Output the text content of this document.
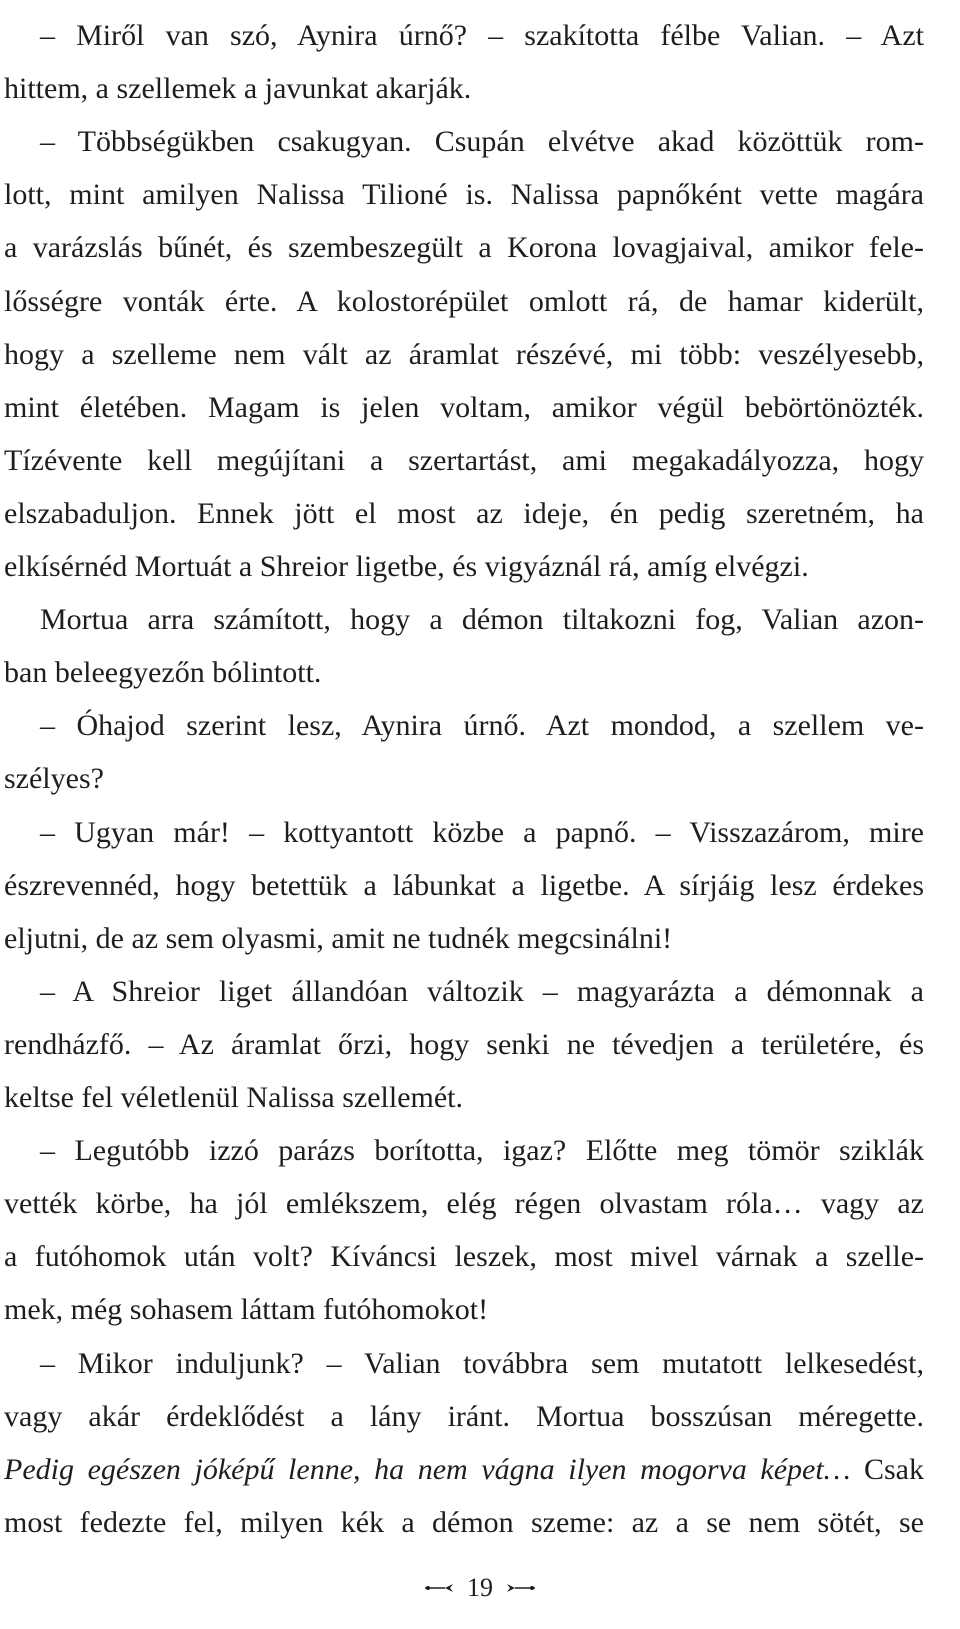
– Miről van szó, Aynira úrnő? – szakította félbe Valian. – Azt
hittem, a szellemek a javunkat akarják.
– Többségükben csakugyan. Csupán elvétve akad közöttük rom-
lott, mint amilyen Nalissa Tilioné is. Nalissa papnőként vette magára
a varázslás bűnét, és szembeszegült a Korona lovagjaival, amikor fele-
lősségre vonták érte. A kolostorépület omlott rá, de hamar kiderült,
hogy a szelleme nem vált az áramlat részévé, mi több: veszélyesebb,
mint életében. Magam is jelen voltam, amikor végül bebörtönözték.
Tízévente kell megújítani a szertartást, ami megakadályozza, hogy
elszabaduljon. Ennek jött el most az ideje, én pedig szeretném, ha
elkísérnéd Mortuát a Shreior ligetbe, és vigyáznál rá, amíg elvégzi.
Mortua arra számított, hogy a démon tiltakozni fog, Valian azon-
ban beleegyezőn bólintott.
– Óhajod szerint lesz, Aynira úrnő. Azt mondod, a szellem ve-
szélyes?
– Ugyan már! – kottyantott közbe a papnő. – Visszazárom, mire
észrevennéd, hogy betettük a lábunkat a ligetbe. A sírjáig lesz érdekes
eljutni, de az sem olyasmi, amit ne tudnék megcsinálni!
– A Shreior liget állandóan változik – magyarázta a démonnak a
rendházfő. – Az áramlat őrzi, hogy senki ne tévedjen a területére, és
keltse fel véletlenül Nalissa szellemét.
– Legutóbb izzó parázs borította, igaz? Előtte meg tömör sziklák
vették körbe, ha jól emlékszem, elég régen olvastam róla… vagy az
a futóhomok után volt? Kíváncsi leszek, most mivel várnak a szelle-
mek, még sohasem láttam futóhomokot!
– Mikor induljunk? – Valian továbbra sem mutatott lelkesedést,
vagy akár érdeklődést a lány iránt. Mortua bosszúsan méregette.
Pedig egészen jóképű lenne, ha nem vágna ilyen mogorva képet… Csak
most fedezte fel, milyen kék a démon szeme: az a se nem sötét, se
19
